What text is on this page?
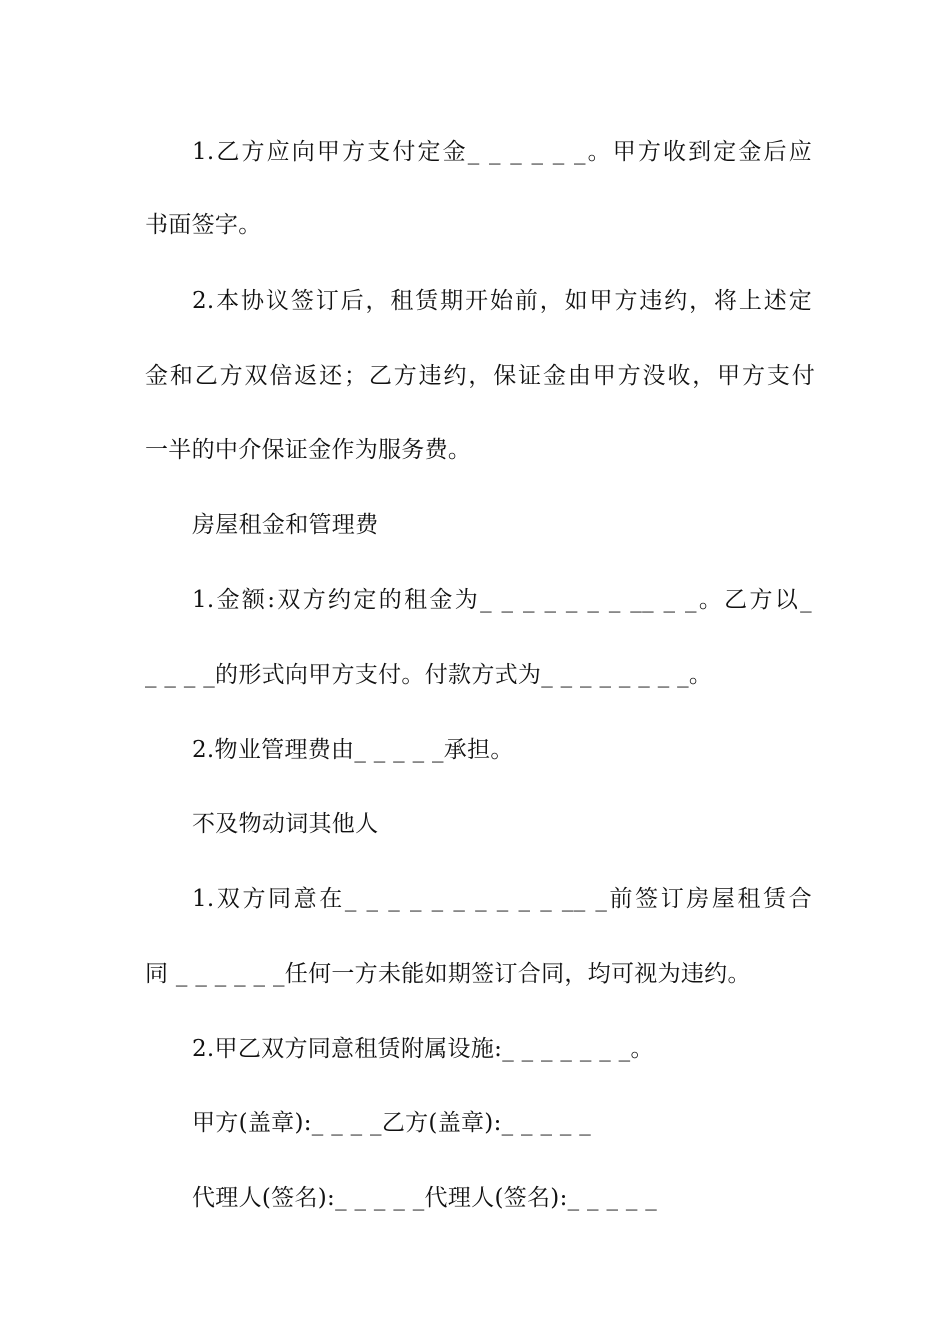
1.乙方应向甲方支付定金_ _ _ _ _ _。甲方收到定金后应
书面签字。
2.本协议签订后，租赁期开始前，如甲方违约，将上述定
金和乙方双倍返还；乙方违约，保证金由甲方没收，甲方支付
一半的中介保证金作为服务费。
房屋租金和管理费
1.金额:双方约定的租金为_ _ _ _ _ _ _ __ _ _。乙方以_
_ _ _ _的形式向甲方支付。付款方式为_ _ _ _ _ _ _ _。
2.物业管理费由_ _ _ _ _承担。
不及物动词其他人
1.双方同意在_ _ _ _ _ _ _ _ _ _ __ _前签订房屋租赁合
同 _ _ _ _ _ _任何一方未能如期签订合同，均可视为违约。
2.甲乙双方同意租赁附属设施:_ _ _ _ _ _ _。
甲方(盖章):_ _ _ _乙方(盖章):_ _ _ _ _
代理人(签名):_ _ _ _ _代理人(签名):_ _ _ _ _
